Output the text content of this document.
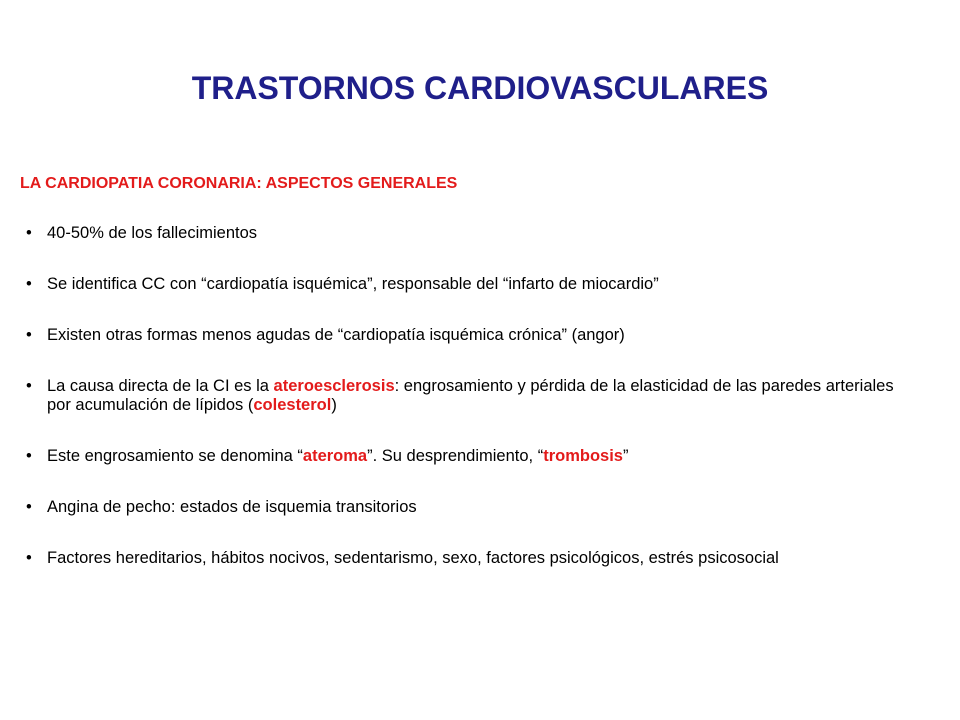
TRASTORNOS CARDIOVASCULARES

LA CARDIOPATIA CORONARIA: ASPECTOS GENERALES

• 40-50% de los fallecimientos
• Se identifica CC con “cardiopatía isquémica”, responsable del “infarto de miocardio”
• Existen otras formas menos agudas de “cardiopatía isquémica crónica” (angor)
• La causa directa de la CI es la ateroesclerosis: engrosamiento y pérdida de la elasticidad de las paredes arteriales por acumulación de lípidos (colesterol)
• Este engrosamiento se denomina “ateroma”. Su desprendimiento, “trombosis”
• Angina de pecho: estados de isquemia transitorios
• Factores hereditarios, hábitos nocivos, sedentarismo, sexo, factores psicológicos, estrés psicosocial
